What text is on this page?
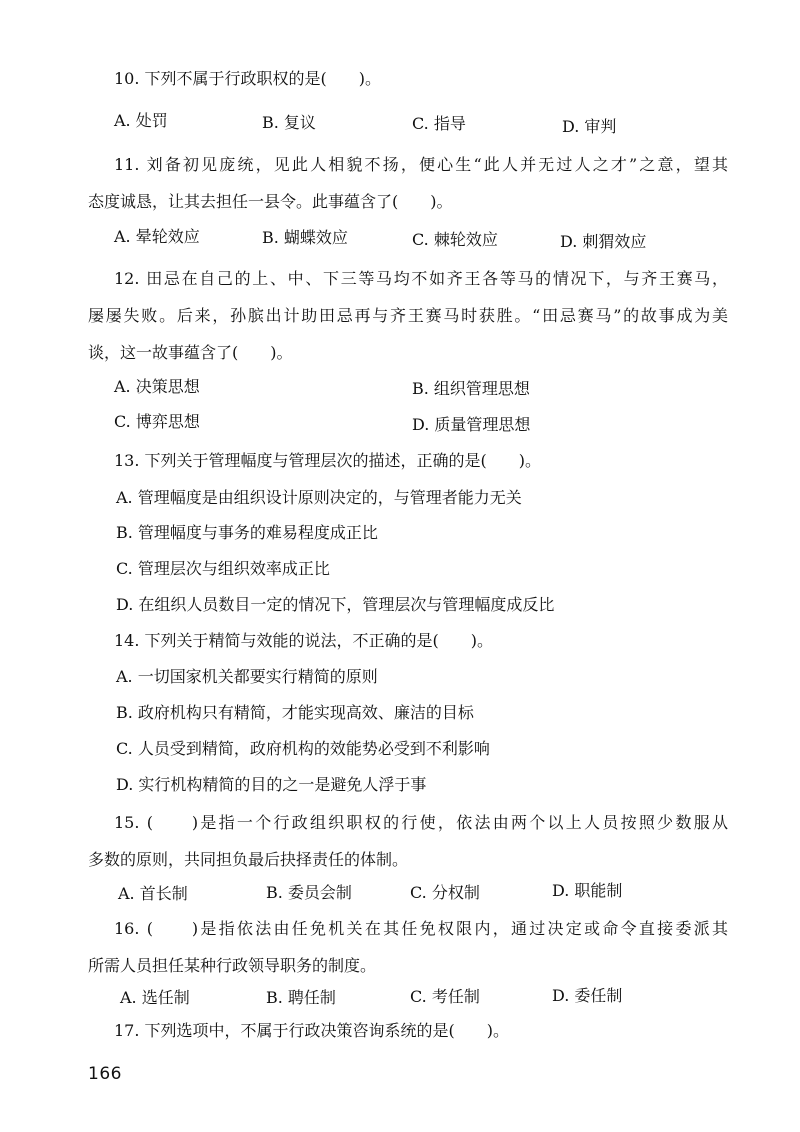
10. 下列不属于行政职权的是(　　)。
A. 处罚	B. 复议	C. 指导	D. 审判
11. 刘备初见庞统，见此人相貌不扬，便心生“此人并无过人之才”之意，望其
态度诚恳，让其去担任一县令。此事蕴含了(　　)。
A. 晕轮效应	B. 蝴蝶效应	C. 棘轮效应	D. 刺猬效应
12. 田忌在自己的上、中、下三等马均不如齐王各等马的情况下，与齐王赛马，
屡屡失败。后来，孙膑出计助田忌再与齐王赛马时获胜。“田忌赛马”的故事成为美
谈，这一故事蕴含了(　　)。
A. 决策思想	B. 组织管理思想
C. 博弈思想	D. 质量管理思想
13. 下列关于管理幅度与管理层次的描述，正确的是(　　)。
A. 管理幅度是由组织设计原则决定的，与管理者能力无关
B. 管理幅度与事务的难易程度成正比
C. 管理层次与组织效率成正比
D. 在组织人员数目一定的情况下，管理层次与管理幅度成反比
14. 下列关于精简与效能的说法，不正确的是(　　)。
A. 一切国家机关都要实行精简的原则
B. 政府机构只有精简，才能实现高效、廉洁的目标
C. 人员受到精简，政府机构的效能势必受到不利影响
D. 实行机构精简的目的之一是避免人浮于事
15. (　　)是指一个行政组织职权的行使，依法由两个以上人员按照少数服从
多数的原则，共同担负最后抉择责任的体制。
A. 首长制	B. 委员会制	C. 分权制	D. 职能制
16. (　　)是指依法由任免机关在其任免权限内，通过决定或命令直接委派其
所需人员担任某种行政领导职务的制度。
A. 选任制	B. 聘任制	C. 考任制	D. 委任制
17. 下列选项中，不属于行政决策咨询系统的是(　　)。
166
